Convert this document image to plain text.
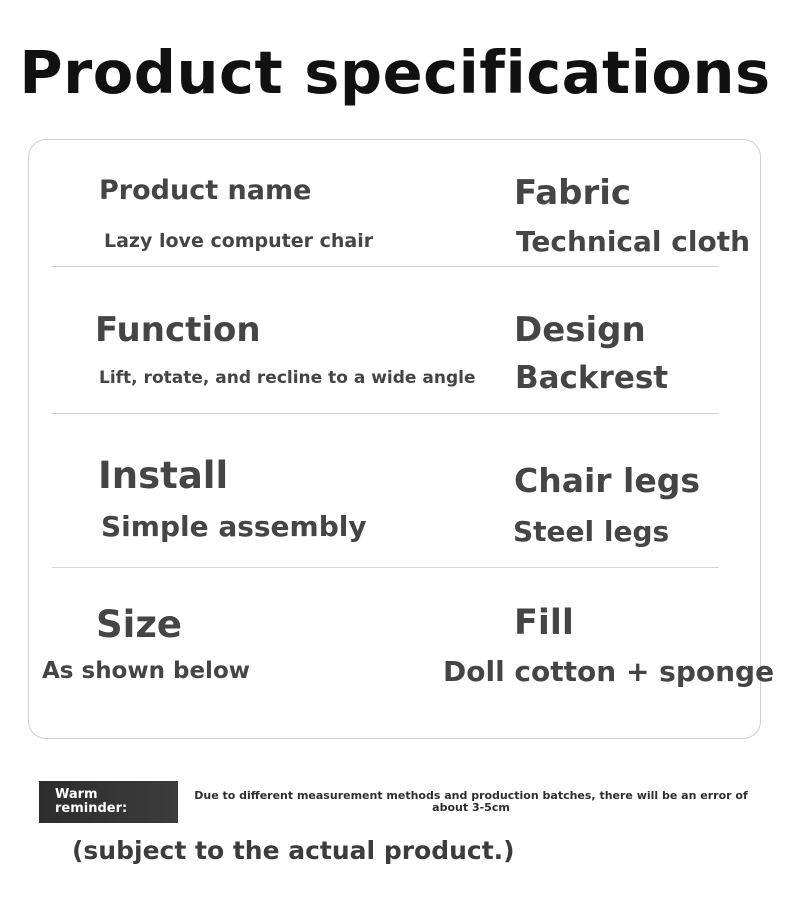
Product specifications
Product name
Lazy love computer chair
Fabric
Technical cloth
Function
Lift, rotate, and recline to a wide angle
Design
Backrest
Install
Simple assembly
Chair legs
Steel legs
Size
As shown below
Fill
Doll cotton + sponge
Warm
reminder:
Due to different measurement methods and production batches, there will be an error of about 3-5cm
(subject to the actual product.)
